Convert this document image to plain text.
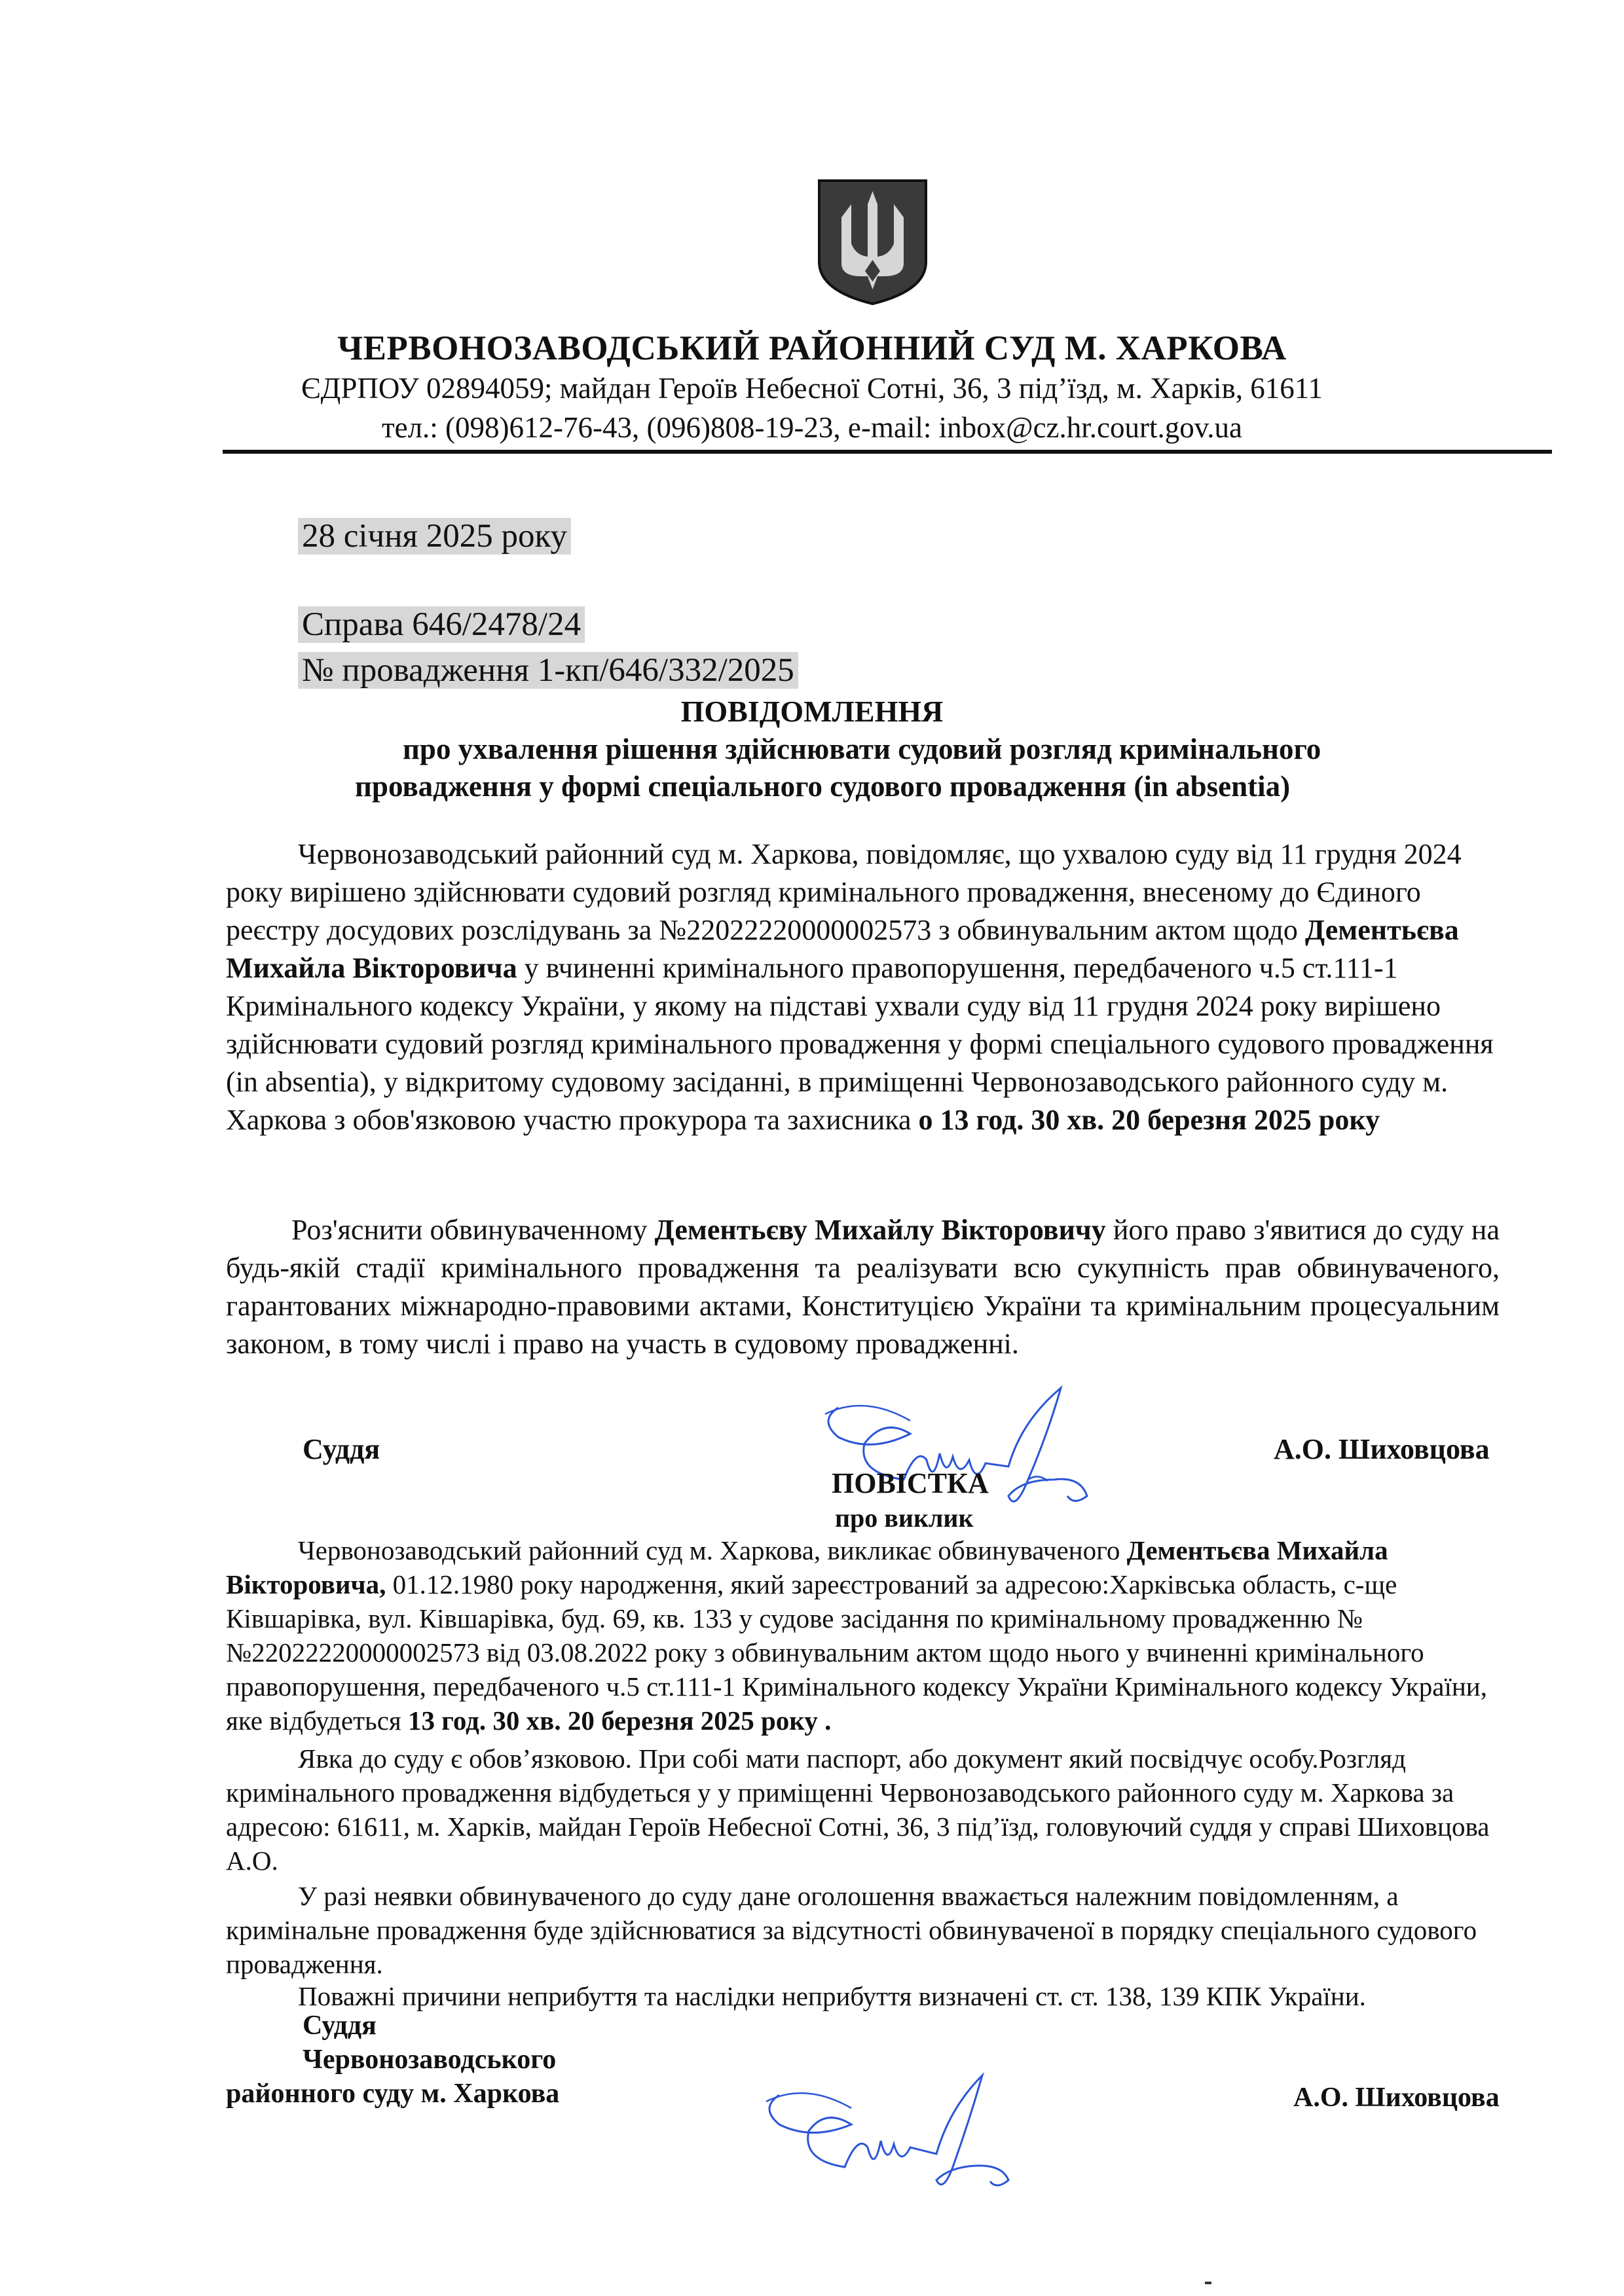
ЧЕРВОНОЗАВОДСЬКИЙ РАЙОННИЙ СУД М. ХАРКОВА
ЄДРПОУ 02894059; майдан Героїв Небесної Сотні, 36, 3 під’їзд, м. Харків, 61611
тел.: (098)612-76-43, (096)808-19-23, e-mail: inbox@cz.hr.court.gov.ua
28 січня 2025 року
Справа 646/2478/24
№ провадження 1-кп/646/332/2025
ПОВІДОМЛЕННЯ
про ухвалення рішення здійснювати судовий розгляд кримінального
провадження у формі спеціального судового провадження (in absentia)
Червонозаводський районний суд м. Харкова, повідомляє, що ухвалою суду від 11 грудня 2024 року вирішено здійснювати судовий розгляд кримінального провадження, внесеному до Єдиного реєстру досудових розслідувань за №22022220000002573 з обвинувальним актом щодо Дементьєва Михайла Вікторовича у вчиненні кримінального правопорушення, передбаченого ч.5 ст.111-1 Кримінального кодексу України, у якому на підставі ухвали суду від 11 грудня 2024 року вирішено здійснювати судовий розгляд кримінального провадження у формі спеціального судового провадження (in absentia), у відкритому судовому засіданні, в приміщенні Червонозаводського районного суду м. Харкова з обов'язковою участю прокурора та захисника о 13 год. 30 хв. 20 березня 2025 року
Роз'яснити обвинуваченному Дементьєву Михайлу Вікторовичу його право з'явитися до суду на будь-якій стадії кримінального провадження та реалізувати всю сукупність прав обвинуваченого, гарантованих міжнародно-правовими актами, Конституцією України та кримінальним процесуальним законом, в тому числі і право на участь в судовому провадженні.
Суддя	А.О. Шиховцова
ПОВІСТКА
про виклик
Червонозаводський районний суд м. Харкова, викликає обвинуваченого Дементьєва Михайла Вікторовича, 01.12.1980 року народження, який зареєстрований за адресою:Харківська область, с-ще Ківшарівка, вул. Ківшарівка, буд. 69, кв. 133 у судове засідання по кримінальному провадженню №№22022220000002573 від 03.08.2022 року з обвинувальним актом щодо нього у вчиненні кримінального правопорушення, передбаченого ч.5 ст.111-1 Кримінального кодексу України Кримінального кодексу України, яке відбудеться 13 год. 30 хв. 20 березня 2025 року .
Явка до суду є обов’язковою. При собі мати паспорт, або документ який посвідчує особу.Розгляд кримінального провадження відбудеться у у приміщенні Червонозаводського районного суду м. Харкова за адресою: 61611, м. Харків, майдан Героїв Небесної Сотні, 36, 3 під’їзд, головуючий суддя у справі Шиховцова А.О.
У разі неявки обвинуваченого до суду дане оголошення вважається належним повідомленням, а кримінальне провадження буде здійснюватися за відсутності обвинуваченої в порядку спеціального судового провадження.
Поважні причини неприбуття та наслідки неприбуття визначені ст. ст. 138, 139 КПК України.
Суддя
Червонозаводського
районного суду м. Харкова	А.О. Шиховцова
